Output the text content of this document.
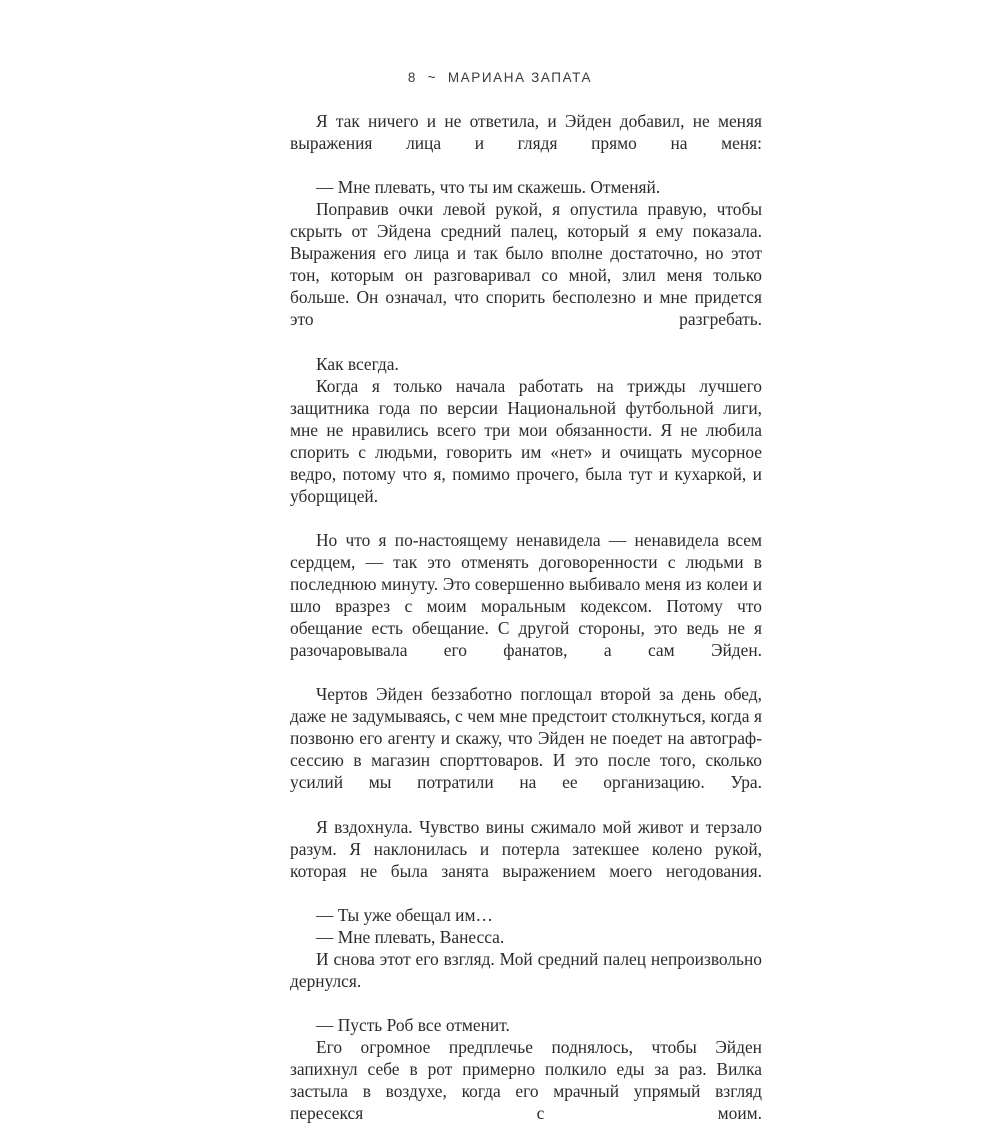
8  ~  МАРИАНА ЗАПАТА

Я так ничего и не ответила, и Эйден добавил, не меняя выражения лица и глядя прямо на меня:

— Мне плевать, что ты им скажешь. Отменяй.

Поправив очки левой рукой, я опустила правую, чтобы скрыть от Эйдена средний палец, который я ему показала. Выражения его лица и так было вполне достаточно, но этот тон, которым он разговаривал со мной, злил меня только больше. Он означал, что спорить бесполезно и мне придется это разгребать.

Как всегда.

Когда я только начала работать на трижды лучшего защитника года по версии Национальной футбольной лиги, мне не нравились всего три мои обязанности. Я не любила спорить с людьми, говорить им «нет» и очищать мусорное ведро, потому что я, помимо прочего, была тут и кухаркой, и уборщицей.

Но что я по-настоящему ненавидела — ненавидела всем сердцем, — так это отменять договоренности с людьми в последнюю минуту. Это совершенно выбивало меня из колеи и шло вразрез с моим моральным кодексом. Потому что обещание есть обещание. С другой стороны, это ведь не я разочаровывала его фанатов, а сам Эйден.

Чертов Эйден беззаботно поглощал второй за день обед, даже не задумываясь, с чем мне предстоит столкнуться, когда я позвоню его агенту и скажу, что Эйден не поедет на автограф-сессию в магазин спорттоваров. И это после того, сколько усилий мы потратили на ее организацию. Ура.

Я вздохнула. Чувство вины сжимало мой живот и терзало разум. Я наклонилась и потерла затекшее колено рукой, которая не была занята выражением моего негодования.

— Ты уже обещал им…

— Мне плевать, Ванесса.

И снова этот его взгляд. Мой средний палец непроизвольно дернулся.

— Пусть Роб все отменит.

Его огромное предплечье поднялось, чтобы Эйден запихнул себе в рот примерно полкило еды за раз. Вилка застыла в воздухе, когда его мрачный упрямый взгляд пересекся с моим.
